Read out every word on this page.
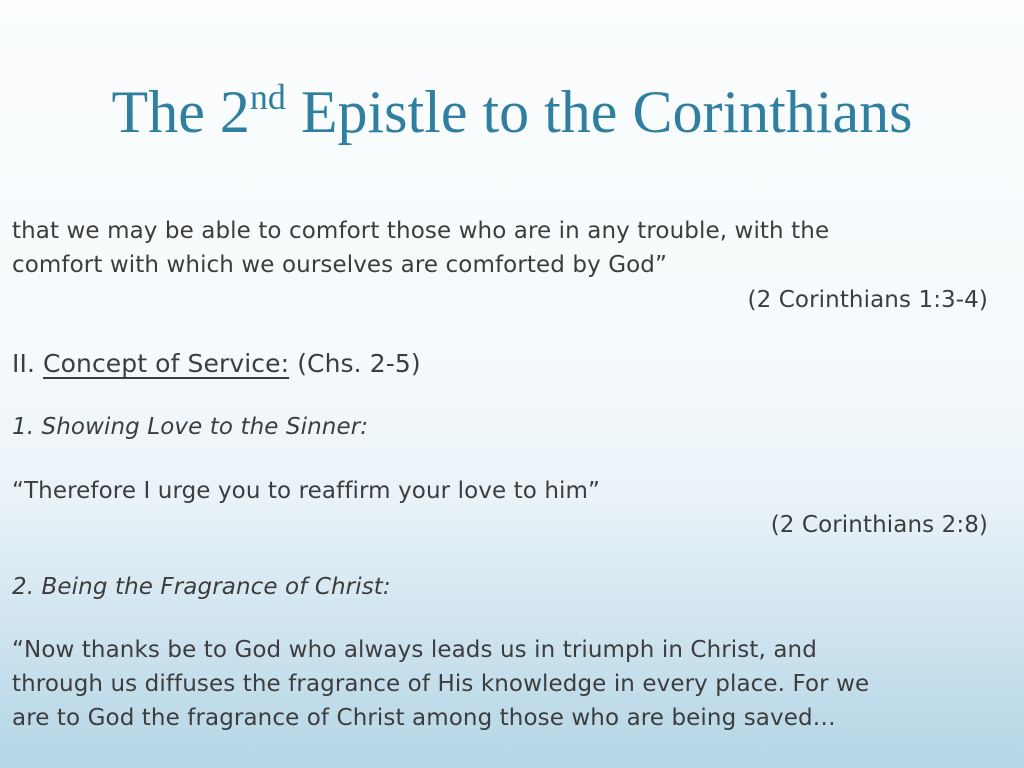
The 2nd Epistle to the Corinthians
that we may be able to comfort those who are in any trouble, with the
comfort with which we ourselves are comforted by God”
(2 Corinthians 1:3-4)
II. Concept of Service: (Chs. 2-5)
1. Showing Love to the Sinner:
“Therefore I urge you to reaffirm your love to him”
(2 Corinthians 2:8)
2. Being the Fragrance of Christ:
“Now thanks be to God who always leads us in triumph in Christ, and
through us diffuses the fragrance of His knowledge in every place. For we
are to God the fragrance of Christ among those who are being saved…
